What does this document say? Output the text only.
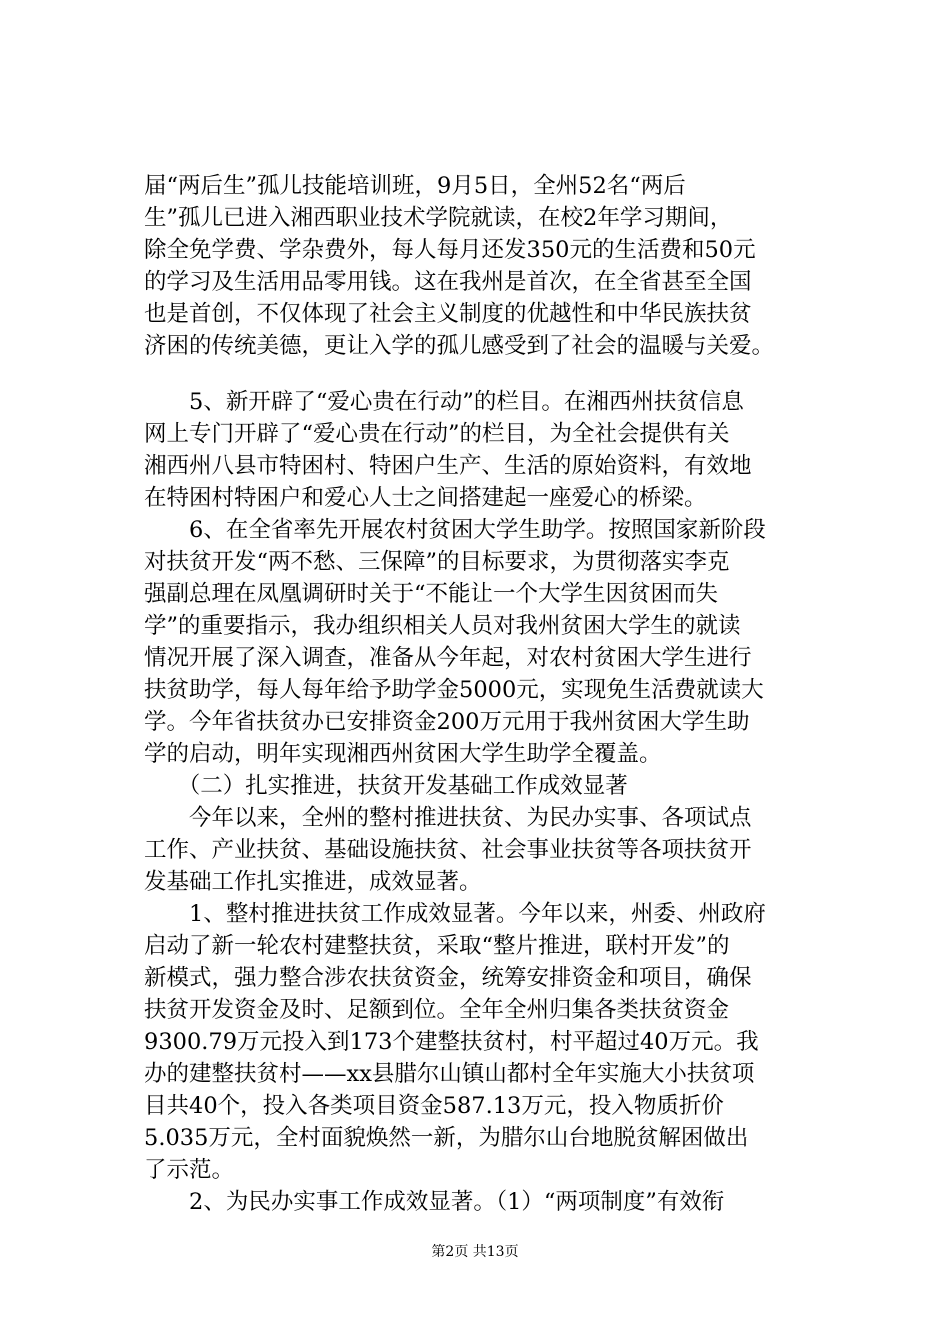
届“两后生”孤儿技能培训班，9月5日，全州52名“两后

生”孤儿已进入湘西职业技术学院就读，在校2年学习期间，

除全免学费、学杂费外，每人每月还发350元的生活费和50元

的学习及生活用品零用钱。这在我州是首次，在全省甚至全国

也是首创，不仅体现了社会主义制度的优越性和中华民族扶贫

济困的传统美德，更让入学的孤儿感受到了社会的温暖与关爱。

　　5、新开辟了“爱心贵在行动”的栏目。在湘西州扶贫信息

网上专门开辟了“爱心贵在行动”的栏目，为全社会提供有关

湘西州八县市特困村、特困户生产、生活的原始资料，有效地

在特困村特困户和爱心人士之间搭建起一座爱心的桥梁。

　　6、在全省率先开展农村贫困大学生助学。按照国家新阶段

对扶贫开发“两不愁、三保障”的目标要求，为贯彻落实李克

强副总理在凤凰调研时关于“不能让一个大学生因贫困而失

学”的重要指示，我办组织相关人员对我州贫困大学生的就读

情况开展了深入调查，准备从今年起，对农村贫困大学生进行

扶贫助学，每人每年给予助学金5000元，实现免生活费就读大

学。今年省扶贫办已安排资金200万元用于我州贫困大学生助

学的启动，明年实现湘西州贫困大学生助学全覆盖。

　　（二）扎实推进，扶贫开发基础工作成效显著

　　今年以来，全州的整村推进扶贫、为民办实事、各项试点

工作、产业扶贫、基础设施扶贫、社会事业扶贫等各项扶贫开

发基础工作扎实推进，成效显著。

　　1、整村推进扶贫工作成效显著。今年以来，州委、州政府

启动了新一轮农村建整扶贫，采取“整片推进，联村开发”的

新模式，强力整合涉农扶贫资金，统筹安排资金和项目，确保

扶贫开发资金及时、足额到位。全年全州归集各类扶贫资金

9300.79万元投入到173个建整扶贫村，村平超过40万元。我

办的建整扶贫村——xx县腊尔山镇山都村全年实施大小扶贫项

目共40个，投入各类项目资金587.13万元，投入物质折价

5.035万元，全村面貌焕然一新，为腊尔山台地脱贫解困做出

了示范。

　　2、为民办实事工作成效显著。（1）“两项制度”有效衔

第2页 共13页
